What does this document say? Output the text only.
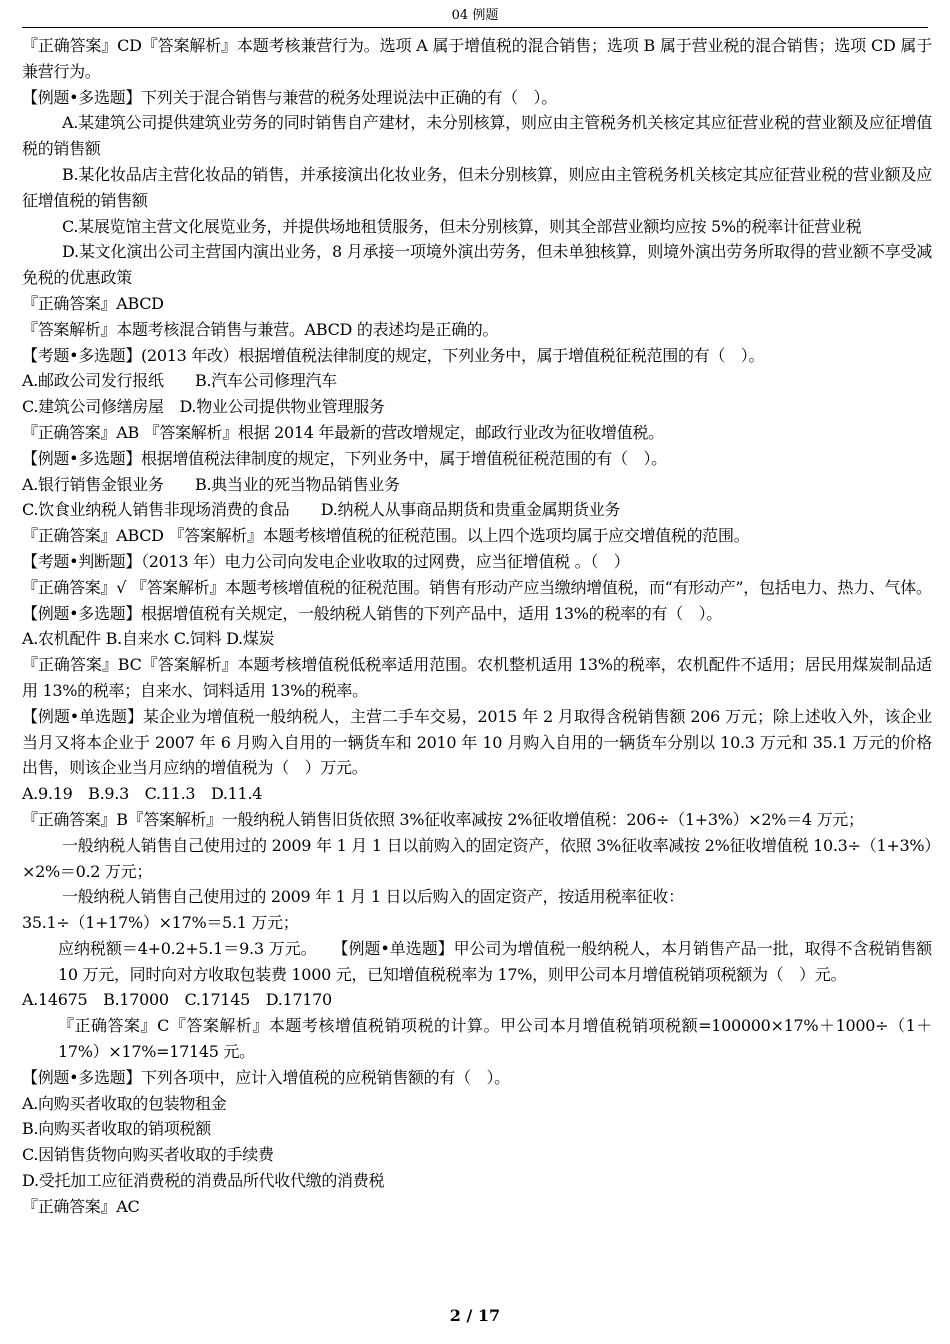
04 例题

『正确答案』CD『答案解析』本题考核兼营行为。选项 A 属于增值税的混合销售；选项 B 属于营业税的混合销售；选项 CD 属于兼营行为。

【例题•多选题】下列关于混合销售与兼营的税务处理说法中正确的有（　）。

A.某建筑公司提供建筑业劳务的同时销售自产建材，未分别核算，则应由主管税务机关核定其应征营业税的营业额及应征增值税的销售额

B.某化妆品店主营化妆品的销售，并承接演出化妆业务，但未分别核算，则应由主管税务机关核定其应征营业税的营业额及应征增值税的销售额

C.某展览馆主营文化展览业务，并提供场地租赁服务，但未分别核算，则其全部营业额均应按 5%的税率计征营业税

D.某文化演出公司主营国内演出业务，8 月承接一项境外演出劳务，但未单独核算，则境外演出劳务所取得的营业额不享受减免税的优惠政策

『正确答案』ABCD

『答案解析』本题考核混合销售与兼营。ABCD 的表述均是正确的。

【考题•多选题】(2013 年改）根据增值税法律制度的规定，下列业务中，属于增值税征税范围的有（　）。

A.邮政公司发行报纸　　B.汽车公司修理汽车

C.建筑公司修缮房屋　D.物业公司提供物业管理服务

『正确答案』AB 『答案解析』根据 2014 年最新的营改增规定，邮政行业改为征收增值税。

【例题•多选题】根据增值税法律制度的规定，下列业务中，属于增值税征税范围的有（　）。

A.银行销售金银业务　　B.典当业的死当物品销售业务

C.饮食业纳税人销售非现场消费的食品　　D.纳税人从事商品期货和贵重金属期货业务

『正确答案』ABCD 『答案解析』本题考核增值税的征税范围。以上四个选项均属于应交增值税的范围。

【考题•判断题】（2013 年）电力公司向发电企业收取的过网费，应当征增值税 。（　）

『正确答案』√ 『答案解析』本题考核增值税的征税范围。销售有形动产应当缴纳增值税，而“有形动产”，包括电力、热力、气体。

【例题•多选题】根据增值税有关规定，一般纳税人销售的下列产品中，适用 13%的税率的有（　）。

A.农机配件 B.自来水 C.饲料 D.煤炭

『正确答案』BC『答案解析』本题考核增值税低税率适用范围。农机整机适用 13%的税率，农机配件不适用；居民用煤炭制品适用 13%的税率；自来水、饲料适用 13%的税率。

【例题•单选题】某企业为增值税一般纳税人，主营二手车交易，2015 年 2 月取得含税销售额 206 万元；除上述收入外，该企业当月又将本企业于 2007 年 6 月购入自用的一辆货车和 2010 年 10 月购入自用的一辆货车分别以 10.3 万元和 35.1 万元的价格出售，则该企业当月应纳的增值税为（　）万元。

A.9.19　B.9.3　C.11.3　D.11.4

『正确答案』B『答案解析』一般纳税人销售旧货依照 3%征收率减按 2%征收增值税：206÷（1+3%）×2%＝4 万元；

一般纳税人销售自己使用过的 2009 年 1 月 1 日以前购入的固定资产，依照 3%征收率减按 2%征收增值税 10.3÷（1+3%）×2%＝0.2 万元；

一般纳税人销售自己使用过的 2009 年 1 月 1 日以后购入的固定资产，按适用税率征收：

35.1÷（1+17%）×17%＝5.1 万元；

应纳税额＝4+0.2+5.1＝9.3 万元。　　【例题•单选题】甲公司为增值税一般纳税人，本月销售产品一批，取得不含税销售额 10 万元，同时向对方收取包装费 1000 元，已知增值税税率为 17%，则甲公司本月增值税销项税额为（　）元。

A.14675　B.17000　C.17145　D.17170

『正确答案』C『答案解析』本题考核增值税销项税的计算。甲公司本月增值税销项税额=100000×17%＋1000÷（1＋17%）×17%=17145 元。

【例题•多选题】下列各项中，应计入增值税的应税销售额的有（　）。

A.向购买者收取的包装物租金

B.向购买者收取的销项税额

C.因销售货物向购买者收取的手续费

D.受托加工应征消费税的消费品所代收代缴的消费税

『正确答案』AC

2 / 17
